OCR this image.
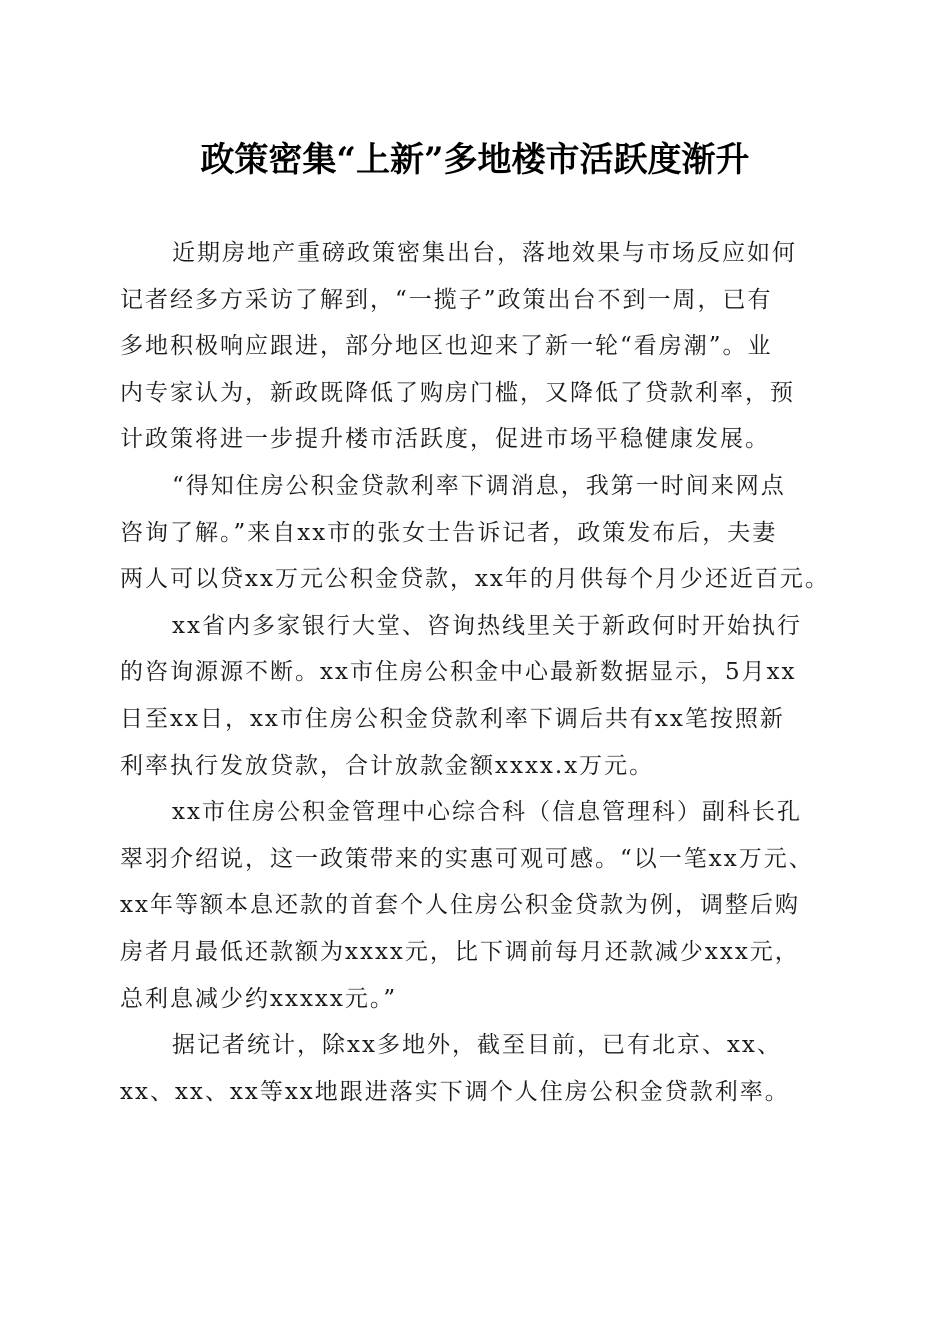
政策密集“上新”多地楼市活跃度渐升

近期房地产重磅政策密集出台，落地效果与市场反应如何
记者经多方采访了解到，“一揽子”政策出台不到一周，已有
多地积极响应跟进，部分地区也迎来了新一轮“看房潮”。业
内专家认为，新政既降低了购房门槛，又降低了贷款利率，预
计政策将进一步提升楼市活跃度，促进市场平稳健康发展。

“得知住房公积金贷款利率下调消息，我第一时间来网点
咨询了解。”来自xx市的张女士告诉记者，政策发布后，夫妻
两人可以贷xx万元公积金贷款，xx年的月供每个月少还近百元。

xx省内多家银行大堂、咨询热线里关于新政何时开始执行
的咨询源源不断。xx市住房公积金中心最新数据显示，5月xx
日至xx日，xx市住房公积金贷款利率下调后共有xx笔按照新
利率执行发放贷款，合计放款金额xxxx.x万元。

xx市住房公积金管理中心综合科（信息管理科）副科长孔
翠羽介绍说，这一政策带来的实惠可观可感。“以一笔xx万元、
xx年等额本息还款的首套个人住房公积金贷款为例，调整后购
房者月最低还款额为xxxx元，比下调前每月还款减少xxx元，
总利息减少约xxxxx元。”

据记者统计，除xx多地外，截至目前，已有北京、xx、
xx、xx、xx等xx地跟进落实下调个人住房公积金贷款利率。
